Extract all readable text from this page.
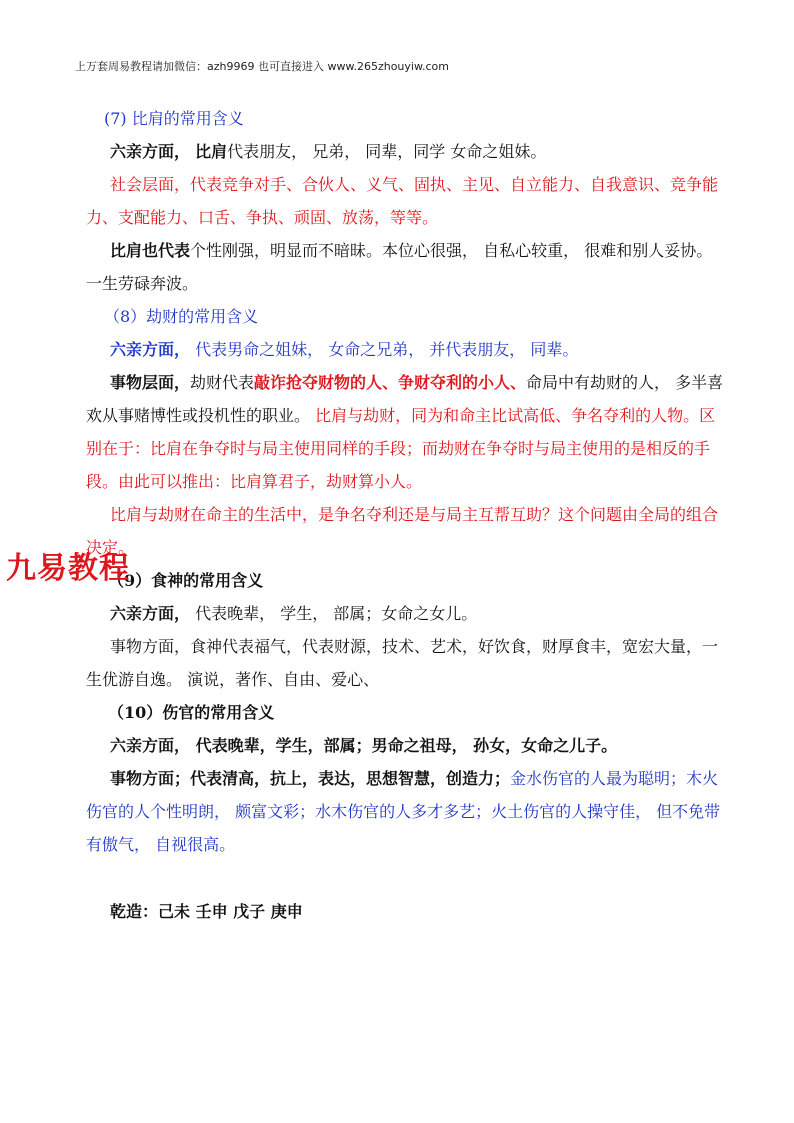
上万套周易教程请加微信：azh9969 也可直接进入 www.265zhouyiw.com

(7) 比肩的常用含义

六亲方面， 比肩代表朋友， 兄弟， 同辈，同学 女命之姐妹。

社会层面，代表竞争对手、合伙人、义气、固执、主见、自立能力、自我意识、竞争能力、支配能力、口舌、争执、顽固、放荡，等等。

比肩也代表个性刚强，明显而不暗昧。本位心很强， 自私心较重， 很难和别人妥协。一生劳碌奔波。

（8）劫财的常用含义

六亲方面， 代表男命之姐妹， 女命之兄弟， 并代表朋友， 同辈。

事物层面，劫财代表敲诈抢夺财物的人、争财夺利的小人、命局中有劫财的人， 多半喜欢从事赌博性或投机性的职业。 比肩与劫财，同为和命主比试高低、争名夺利的人物。区别在于：比肩在争夺时与局主使用同样的手段；而劫财在争夺时与局主使用的是相反的手段。由此可以推出：比肩算君子，劫财算小人。

比肩与劫财在命主的生活中，是争名夺利还是与局主互帮互助？这个问题由全局的组合决定。

（9）食神的常用含义

六亲方面， 代表晚辈， 学生， 部属；女命之女儿。

事物方面，食神代表福气，代表财源，技术、艺术，好饮食，财厚食丰，宽宏大量，一生优游自逸。 演说，著作、自由、爱心、

（10）伤官的常用含义

六亲方面， 代表晚辈，学生，部属；男命之祖母， 孙女，女命之儿子。

事物方面；代表清高，抗上，表达，思想智慧，创造力；金水伤官的人最为聪明；木火伤官的人个性明朗， 颇富文彩；水木伤官的人多才多艺；火土伤官的人操守佳， 但不免带有傲气， 自视很高。

乾造：己未 壬申 戊子 庚申

九易教程
